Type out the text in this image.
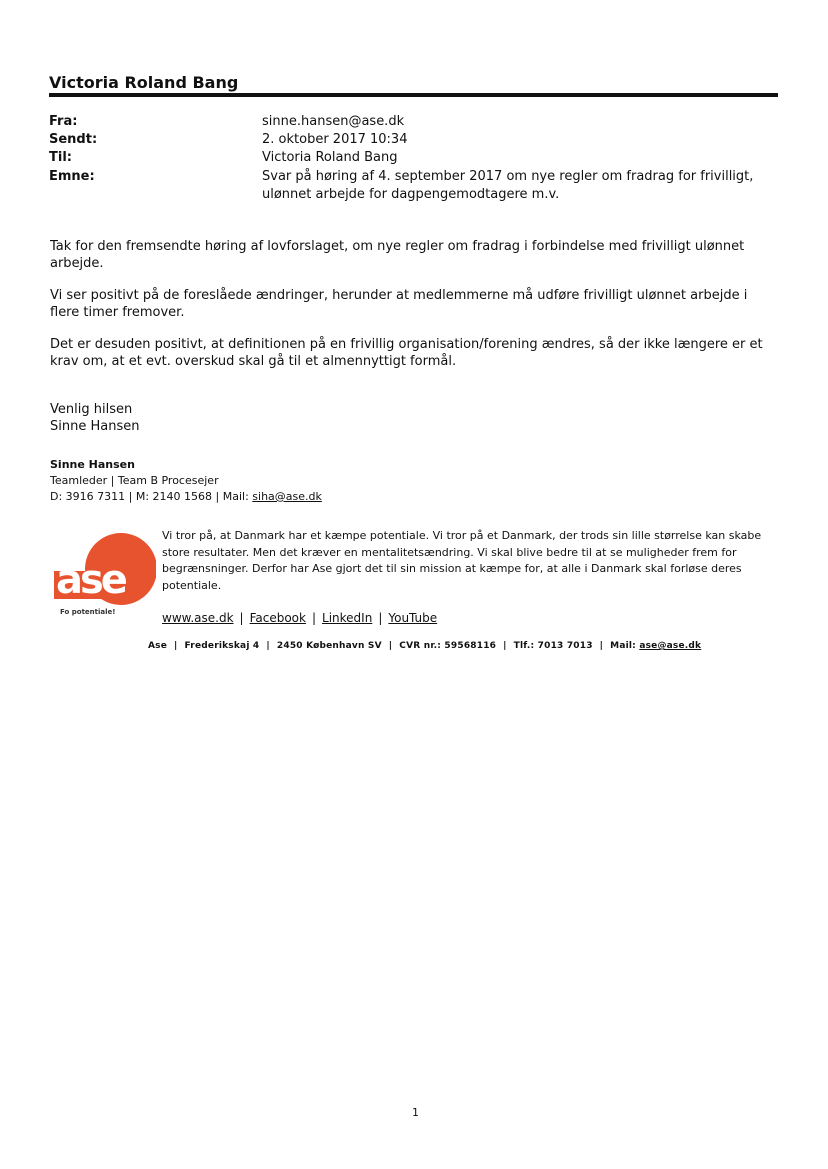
Victoria Roland Bang
Fra:	sinne.hansen@ase.dk
Sendt:	2. oktober 2017 10:34
Til:	Victoria Roland Bang
Emne:	Svar på høring af 4. september 2017 om nye regler om fradrag for frivilligt, ulønnet arbejde for dagpengemodtagere m.v.
Tak for den fremsendte høring af lovforslaget, om nye regler om fradrag i forbindelse med frivilligt ulønnet arbejde.
Vi ser positivt på de foreslåede ændringer, herunder at medlemmerne må udføre frivilligt ulønnet arbejde i flere timer fremover.
Det er desuden positivt, at definitionen på en frivillig organisation/forening ændres, så der ikke længere er et krav om, at et evt. overskud skal gå til et almennyttigt formål.
Venlig hilsen
Sinne Hansen
Sinne Hansen
Teamleder | Team B Procesejer
D: 3916 7311 | M: 2140 1568 | Mail: siha@ase.dk
ase
Fo potentiale!
Vi tror på, at Danmark har et kæmpe potentiale. Vi tror på et Danmark, der trods sin lille størrelse kan skabe store resultater. Men det kræver en mentalitetsændring. Vi skal blive bedre til at se muligheder frem for begrænsninger. Derfor har Ase gjort det til sin mission at kæmpe for, at alle i Danmark skal forløse deres potentiale.
www.ase.dk | Facebook | LinkedIn | YouTube
Ase | Frederikskaj 4 | 2450 København SV | CVR nr.: 59568116 | Tlf.: 7013 7013 | Mail: ase@ase.dk
1
